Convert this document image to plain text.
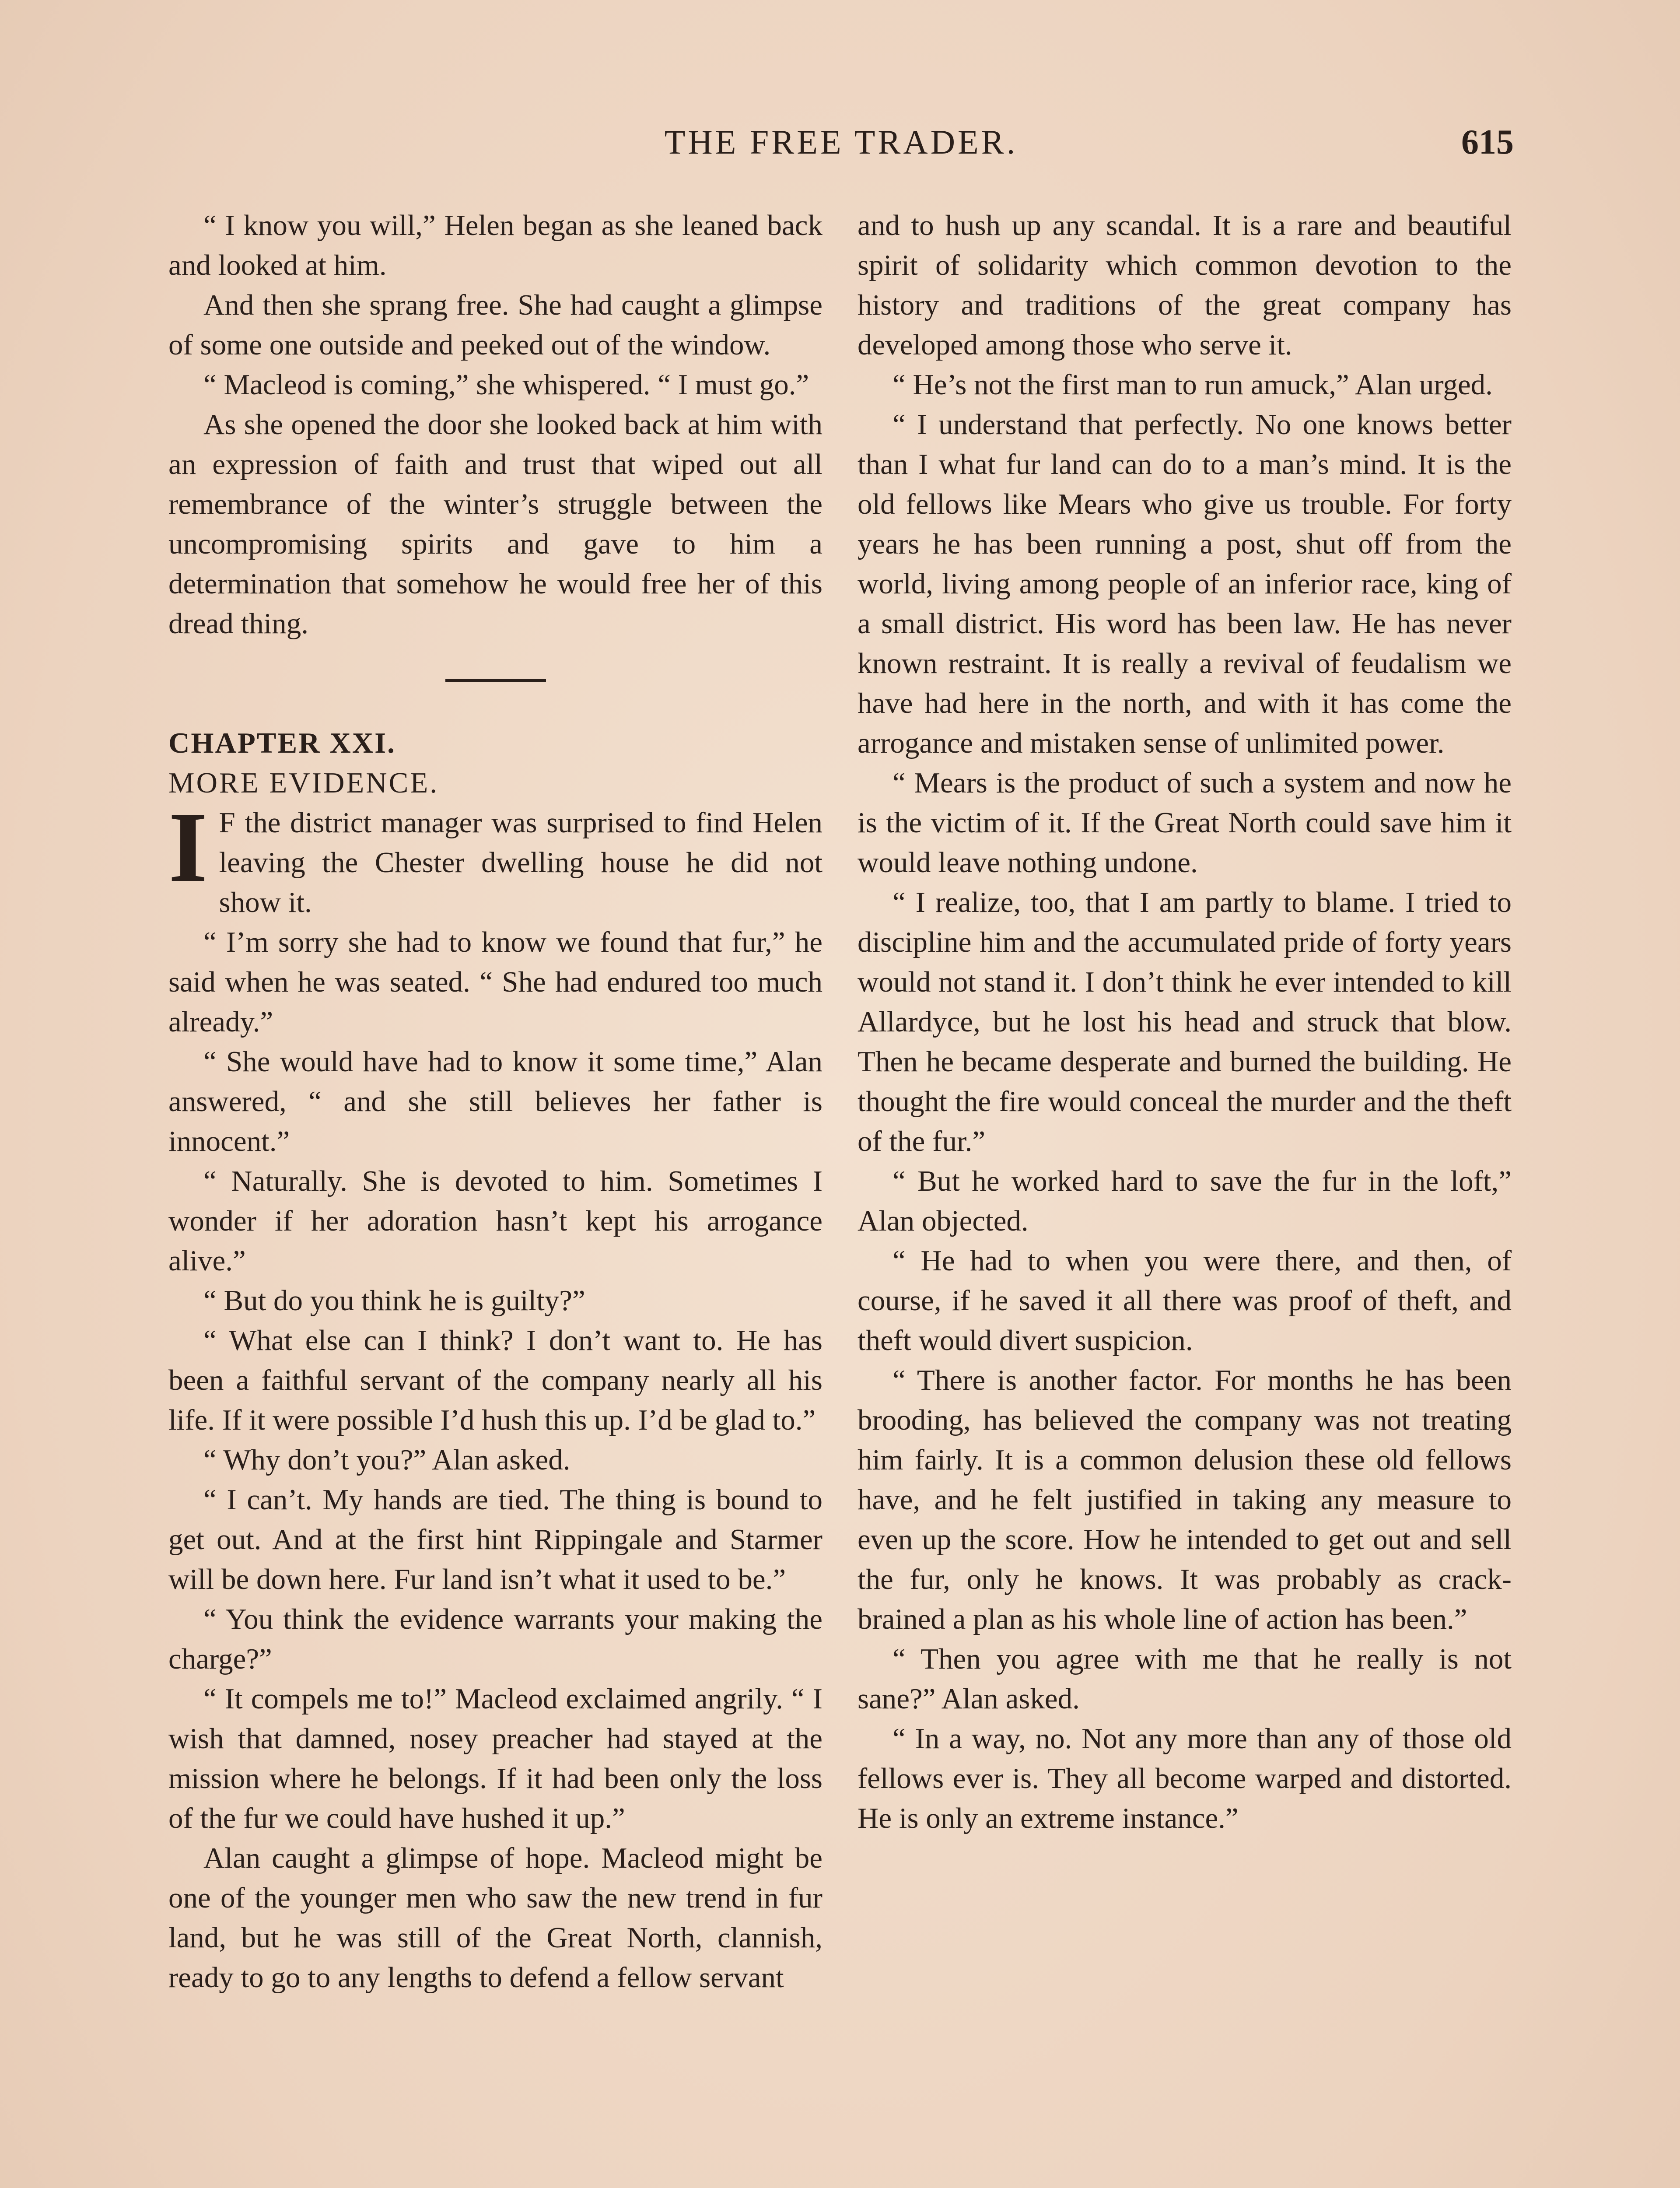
THE FREE TRADER.	615

“ I know you will,” Helen began as she leaned back and looked at him.

And then she sprang free. She had caught a glimpse of some one outside and peeked out of the window.

“ Macleod is coming,” she whispered. “ I must go.”

As she opened the door she looked back at him with an expression of faith and trust that wiped out all remembrance of the winter’s struggle between the uncompromising spirits and gave to him a determination that somehow he would free her of this dread thing.

CHAPTER XXI.

MORE EVIDENCE.

I F the district manager was surprised to find Helen leaving the Chester dwelling house he did not show it.

“ I’m sorry she had to know we found that fur,” he said when he was seated. “ She had endured too much already.”

“ She would have had to know it some time,” Alan answered, “ and she still believes her father is innocent.”

“ Naturally. She is devoted to him. Sometimes I wonder if her adoration hasn’t kept his arrogance alive.”

“ But do you think he is guilty?”

“ What else can I think? I don’t want to. He has been a faithful servant of the company nearly all his life. If it were possible I’d hush this up. I’d be glad to.”

“ Why don’t you?” Alan asked.

“ I can’t. My hands are tied. The thing is bound to get out. And at the first hint Rippingale and Starmer will be down here. Fur land isn’t what it used to be.”

“ You think the evidence warrants your making the charge?”

“ It compels me to!” Macleod exclaimed angrily. “ I wish that damned, nosey preacher had stayed at the mission where he belongs. If it had been only the loss of the fur we could have hushed it up.”

Alan caught a glimpse of hope. Macleod might be one of the younger men who saw the new trend in fur land, but he was still of the Great North, clannish, ready to go to any lengths to defend a fellow servant

and to hush up any scandal. It is a rare and beautiful spirit of solidarity which common devotion to the history and traditions of the great company has developed among those who serve it.

“ He’s not the first man to run amuck,” Alan urged.

“ I understand that perfectly. No one knows better than I what fur land can do to a man’s mind. It is the old fellows like Mears who give us trouble. For forty years he has been running a post, shut off from the world, living among people of an inferior race, king of a small district. His word has been law. He has never known restraint. It is really a revival of feudalism we have had here in the north, and with it has come the arrogance and mistaken sense of unlimited power.

“ Mears is the product of such a system and now he is the victim of it. If the Great North could save him it would leave nothing undone.

“ I realize, too, that I am partly to blame. I tried to discipline him and the accumulated pride of forty years would not stand it. I don’t think he ever intended to kill Allardyce, but he lost his head and struck that blow. Then he became desperate and burned the building. He thought the fire would conceal the murder and the theft of the fur.”

“ But he worked hard to save the fur in the loft,” Alan objected.

“ He had to when you were there, and then, of course, if he saved it all there was proof of theft, and theft would divert suspicion.

“ There is another factor. For months he has been brooding, has believed the company was not treating him fairly. It is a common delusion these old fellows have, and he felt justified in taking any measure to even up the score. How he intended to get out and sell the fur, only he knows. It was probably as crack-brained a plan as his whole line of action has been.”

“ Then you agree with me that he really is not sane?” Alan asked.

“ In a way, no. Not any more than any of those old fellows ever is. They all become warped and distorted. He is only an extreme instance.”
